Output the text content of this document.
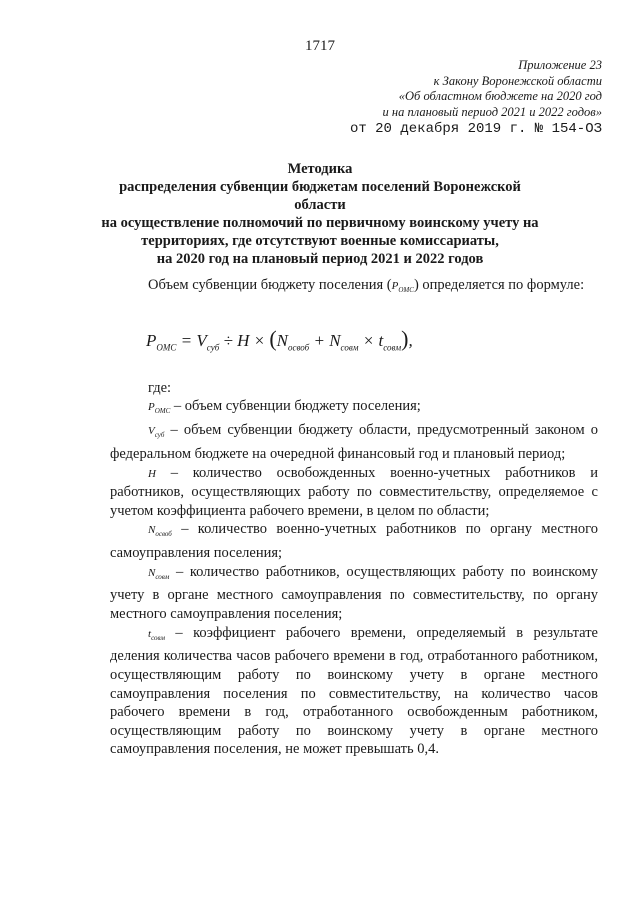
1717
Приложение 23
к Закону Воронежской области
«Об областном бюджете на 2020 год
и на плановый период 2021 и 2022 годов»
от 20 декабря 2019 г. № 154-ОЗ
Методика
распределения субвенции бюджетам поселений Воронежской области
на осуществление полномочий по первичному воинскому учету на
территориях, где отсутствуют военные комиссариаты,
на 2020 год на плановый период 2021 и 2022 годов

Объем субвенции бюджету поселения $(P_{ОМС})$ определяется по формуле:

$P_{ОМС} = V_{суб} \div H \times (N_{освоб} + N_{совм} \times t_{совм})$,

где:

$P_{ОМС}$ – объем субвенции бюджету поселения;

$V_{суб}$ – объем субвенции бюджету области, предусмотренный законом о федеральном бюджете на очередной финансовый год и плановый период;

H – количество освобожденных военно-учетных работников и работников, осуществляющих работу по совместительству, определяемое с учетом коэффициента рабочего времени, в целом по области;

$N_{освоб}$ – количество военно-учетных работников по органу местного самоуправления поселения;

$N_{совм}$ – количество работников, осуществляющих работу по воинскому учету в органе местного самоуправления по совместительству, по органу местного самоуправления поселения;

$t_{совм}$ – коэффициент рабочего времени, определяемый в результате деления количества часов рабочего времени в год, отработанного работником, осуществляющим работу по воинскому учету в органе местного самоуправления поселения по совместительству, на количество часов рабочего времени в год, отработанного освобожденным работником, осуществляющим работу по воинскому учету в органе местного самоуправления поселения, не может превышать 0,4.
